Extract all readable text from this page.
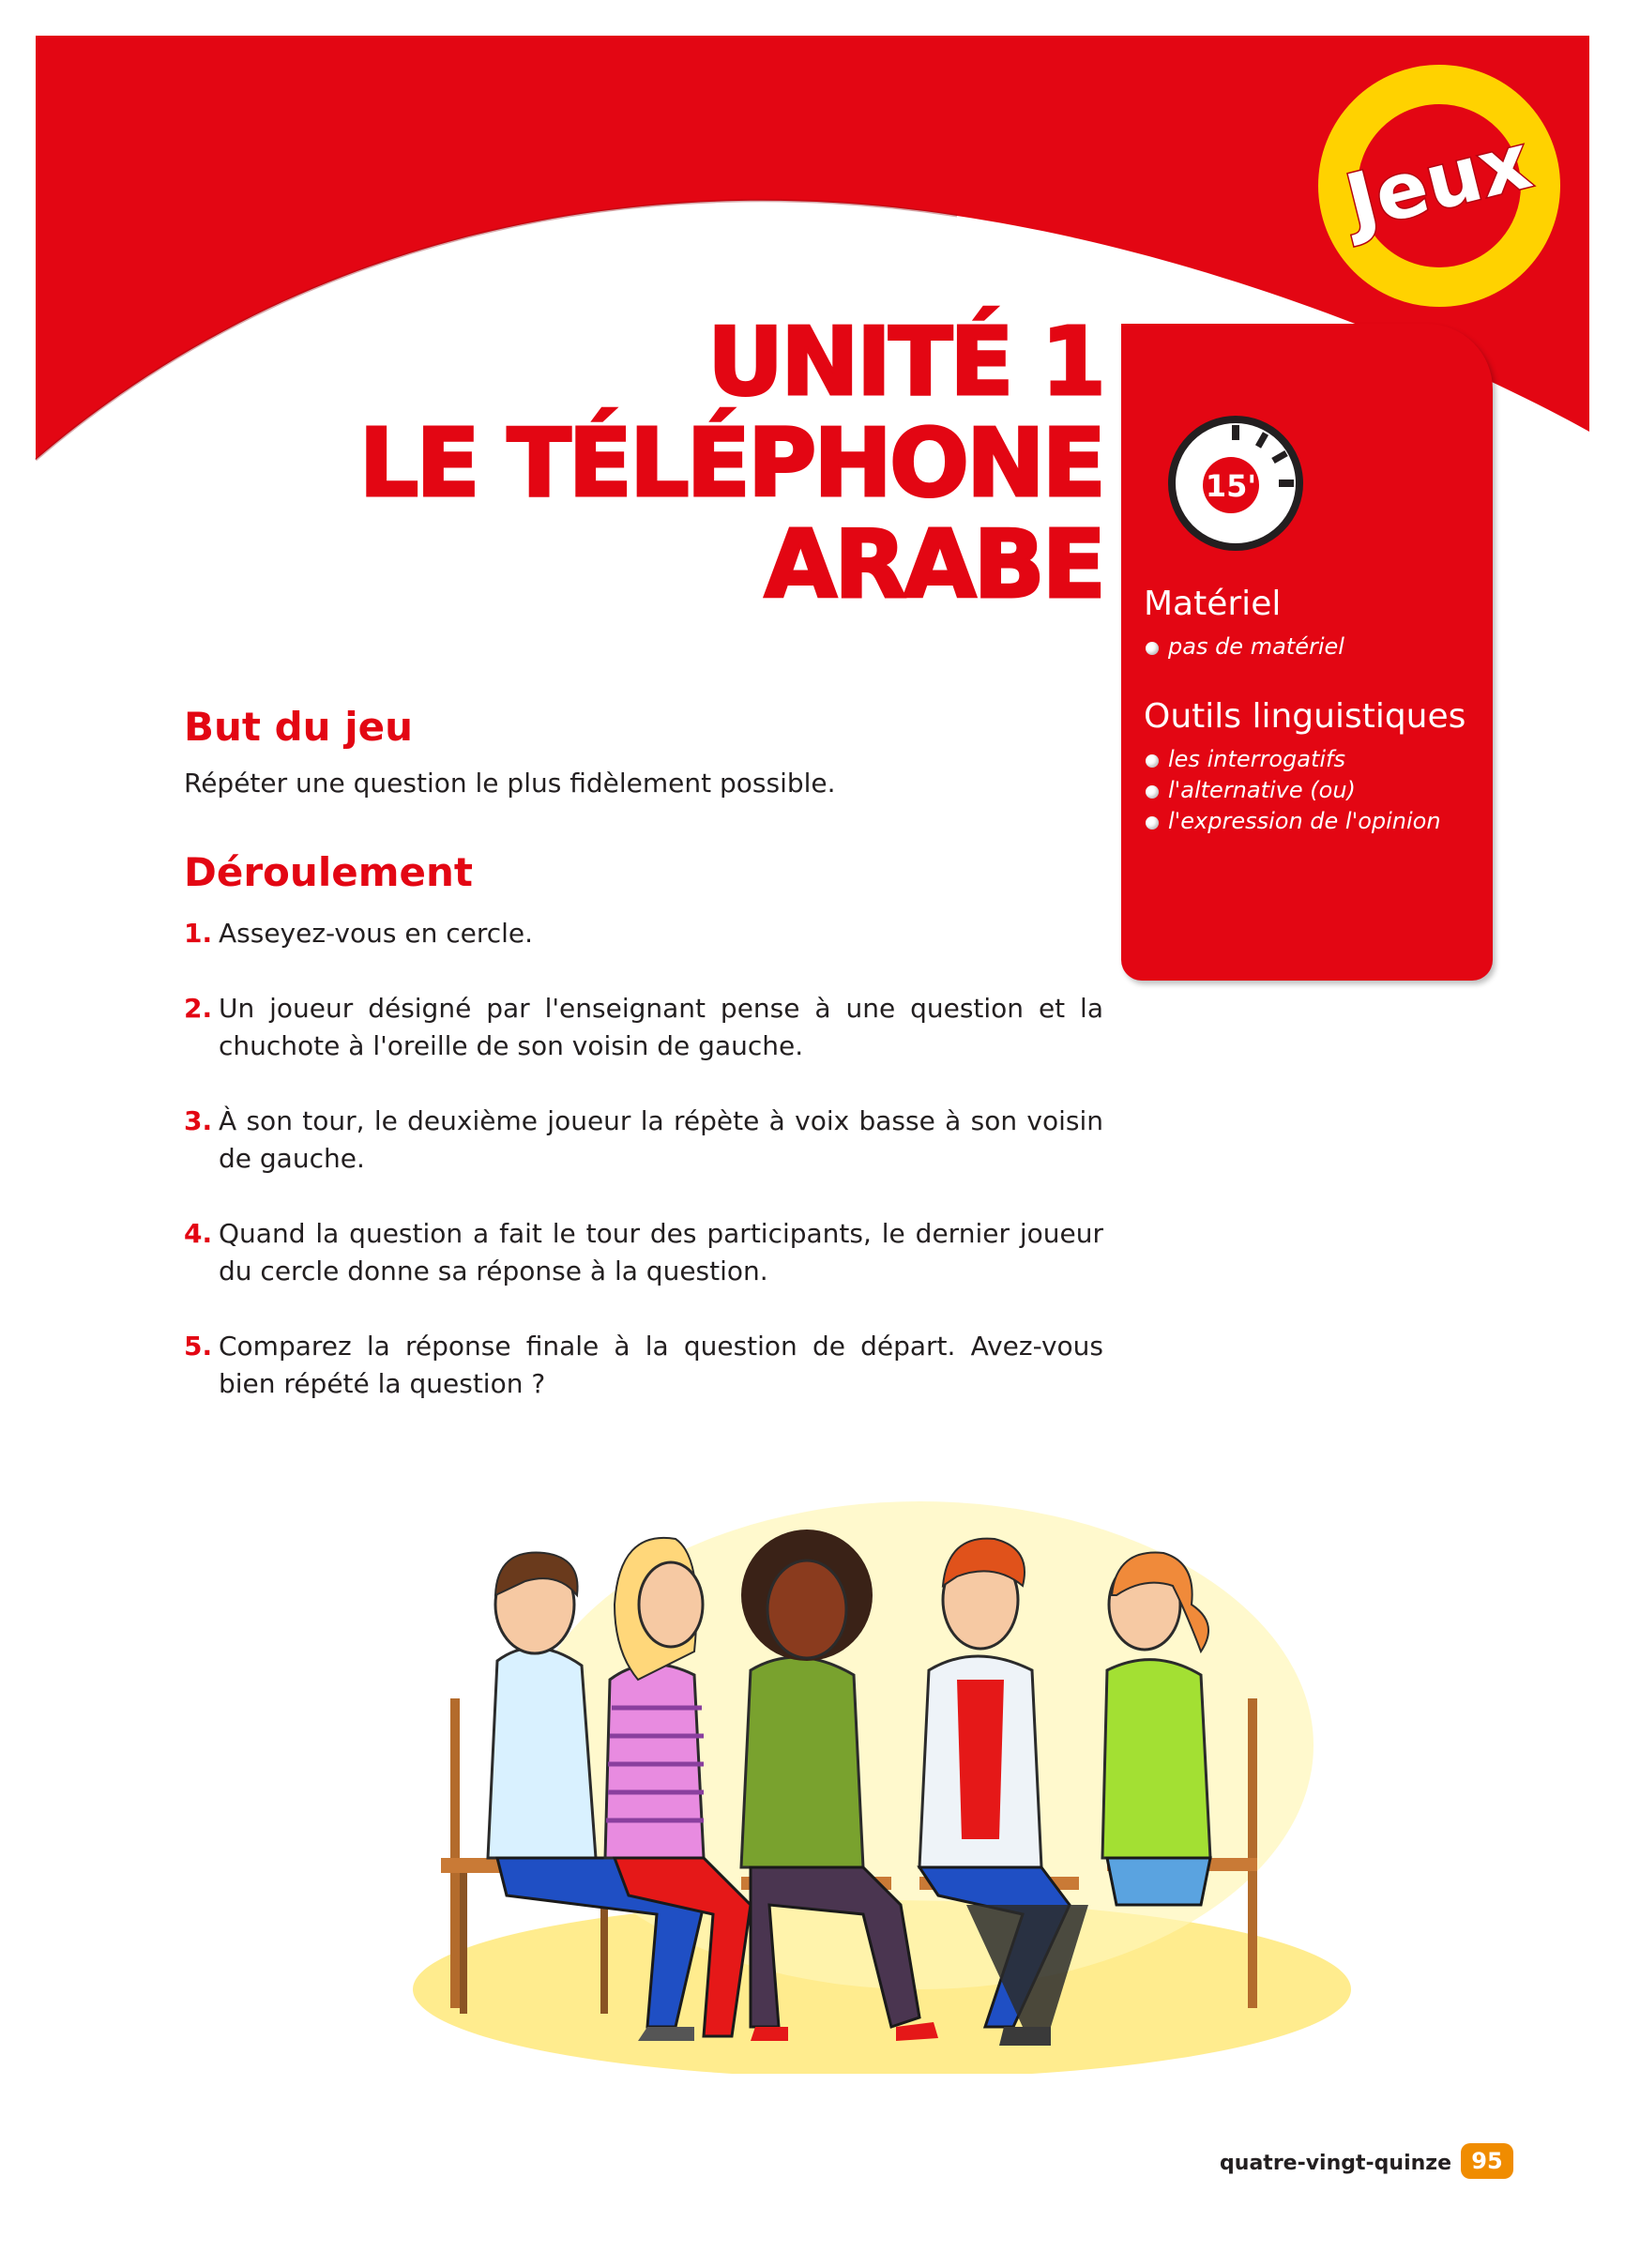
Jeux
UNITÉ 1
LE TÉLÉPHONE
ARABE
15'
Matériel
pas de matériel
Outils linguistiques
les interrogatifs
l'alternative (ou)
l'expression de l'opinion
But du jeu
Répéter une question le plus fidèlement possible.
Déroulement
1. Asseyez-vous en cercle.
2. Un joueur désigné par l'enseignant pense à une question et la chuchote à l'oreille de son voisin de gauche.
3. À son tour, le deuxième joueur la répète à voix basse à son voisin de gauche.
4. Quand la question a fait le tour des participants, le dernier joueur du cercle donne sa réponse à la question.
5. Comparez la réponse finale à la question de départ. Avez-vous bien répété la question ?
quatre-vingt-quinze 95
